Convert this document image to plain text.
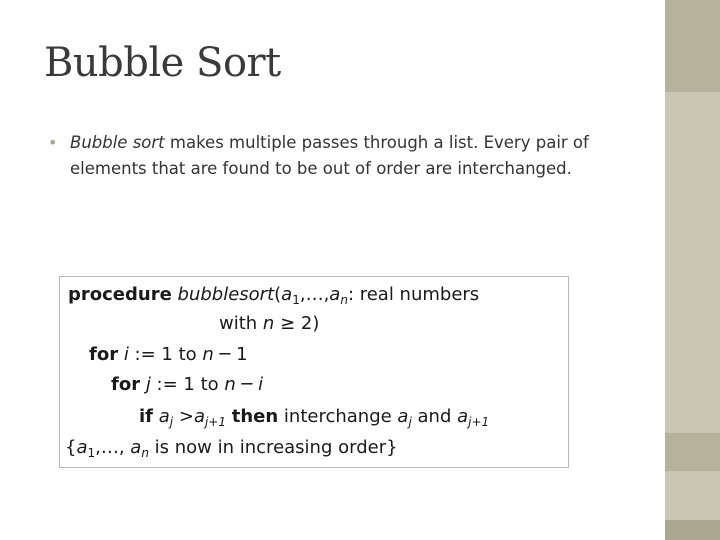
Bubble Sort
• Bubble sort makes multiple passes through a list. Every pair of elements that are found to be out of order are interchanged.
procedure $bubblesort(a_1,\dots,a_n$: real numbers
with n ≥ 2)
for i := 1 to n ─ 1
for j := 1 to n ─ i
if $a_j >a_{j+1}$ then interchange $a_j$ and $a_{j+1}$
{$a_1,\dots$, $a_n$ is now in increasing order}
